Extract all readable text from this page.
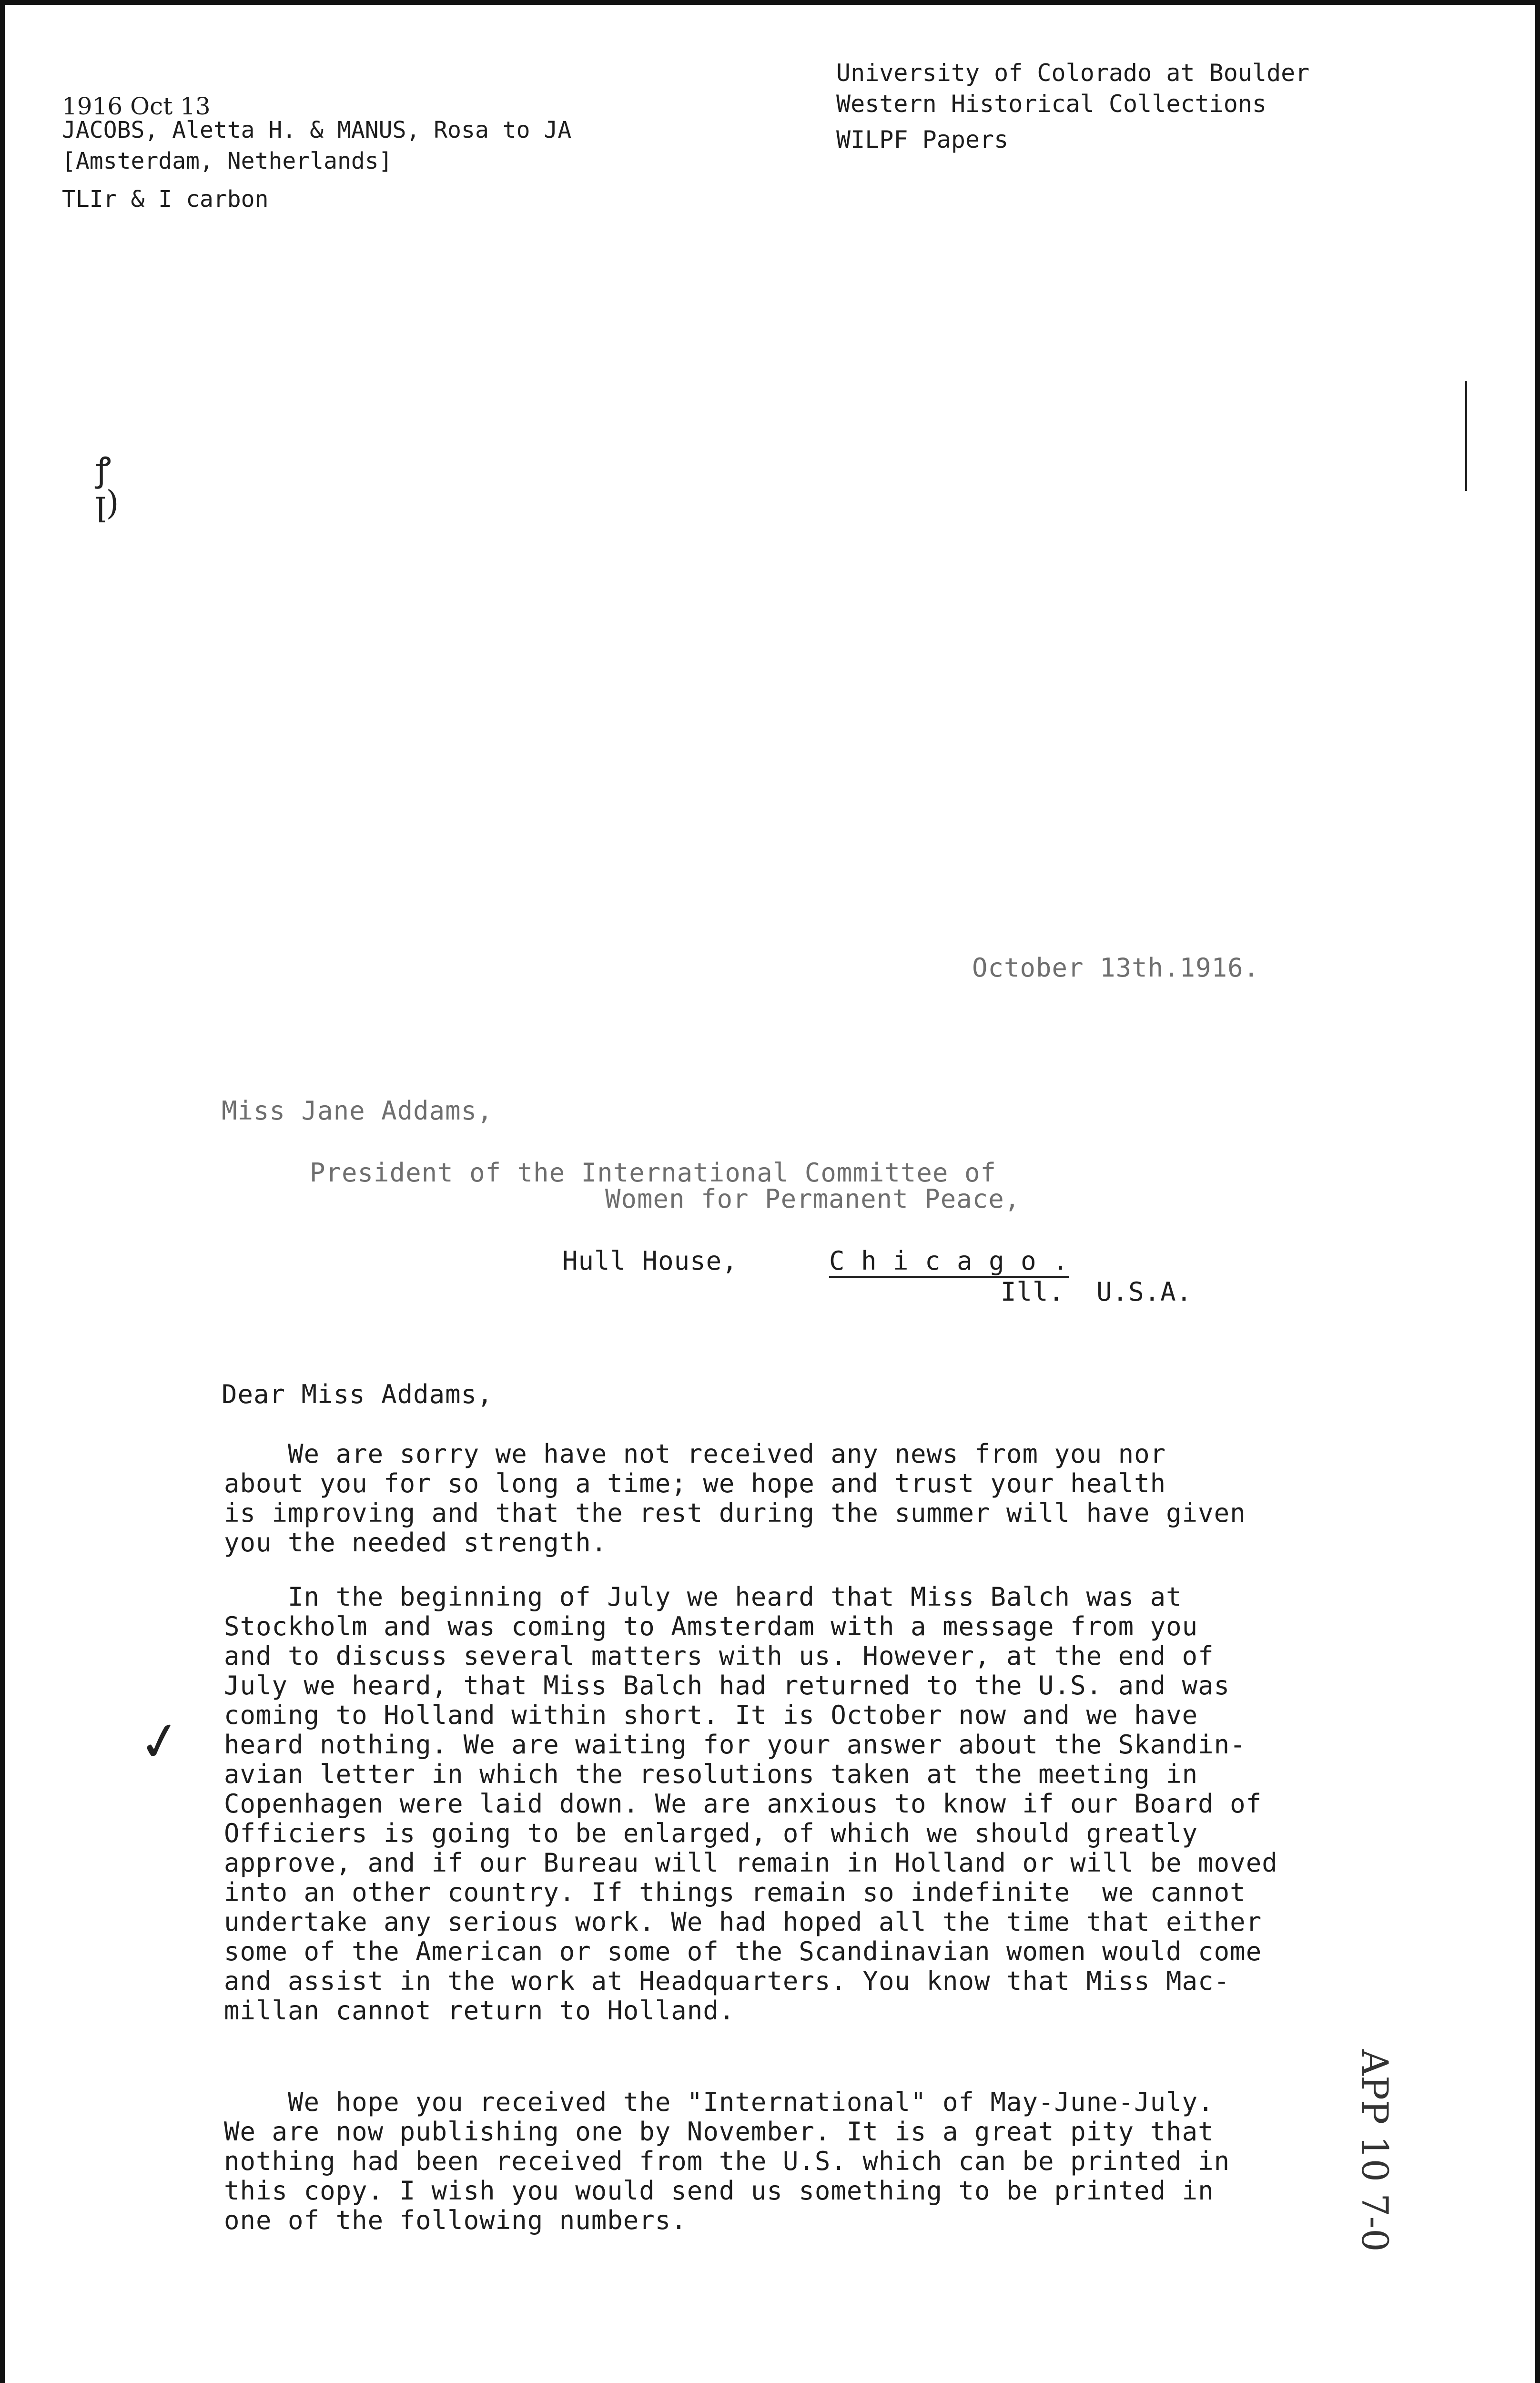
1916 Oct 13
JACOBS, Aletta H. & MANUS, Rosa to JA
[Amsterdam, Netherlands]
TLIr & I carbon
University of Colorado at Boulder
Western Historical Collections
WILPF Papers
ꝭ
ꞁ)
October 13th.1916.
Miss Jane Addams,
President of the International Committee of
Women for Permanent Peace,
Hull House,	C h i c a g o .
Ill.  U.S.A.
Dear Miss Addams,
We are sorry we have not received any news from you nor
about you for so long a time; we hope and trust your health
is improving and that the rest during the summer will have given
you the needed strength.
In the beginning of July we heard that Miss Balch was at
Stockholm and was coming to Amsterdam with a message from you
and to discuss several matters with us. However, at the end of
July we heard, that Miss Balch had returned to the U.S. and was
coming to Holland within short. It is October now and we have
heard nothing. We are waiting for your answer about the Skandin-
avian letter in which the resolutions taken at the meeting in
Copenhagen were laid down. We are anxious to know if our Board of
Officiers is going to be enlarged, of which we should greatly
approve, and if our Bureau will remain in Holland or will be moved
into an other country. If things remain so indefinite  we cannot
undertake any serious work. We had hoped all the time that either
some of the American or some of the Scandinavian women would come
and assist in the work at Headquarters. You know that Miss Mac-
millan cannot return to Holland.
We hope you received the "International" of May-June-July.
We are now publishing one by November. It is a great pity that
nothing had been received from the U.S. which can be printed in
this copy. I wish you would send us something to be printed in
one of the following numbers.
✓
APP 10 7-0
